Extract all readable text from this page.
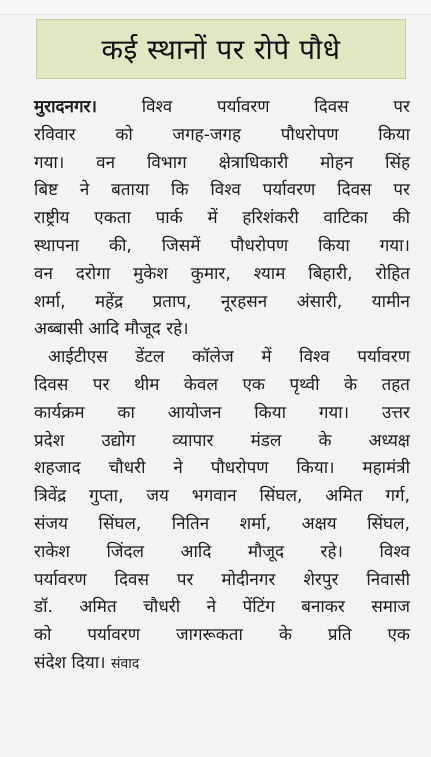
कई स्थानों पर रोपे पौधे
मुरादनगर।	विश्व पर्यावरण दिवस पर
रविवार को जगह-जगह पौधरोपण किया
गया। वन विभाग क्षेत्राधिकारी मोहन सिंह
बिष्ट ने बताया कि विश्व पर्यावरण दिवस पर
राष्ट्रीय एकता पार्क में हरिशंकरी वाटिका की
स्थापना की, जिसमें पौधरोपण किया गया।
वन दरोगा मुकेश कुमार, श्याम बिहारी, रोहित
शर्मा, महेंद्र प्रताप, नूरहसन अंसारी, यामीन
अब्बासी आदि मौजूद रहे।
आईटीएस डेंटल कॉलेज में विश्व पर्यावरण
दिवस पर थीम केवल एक पृथ्वी के तहत
कार्यक्रम का आयोजन किया गया। उत्तर
प्रदेश उद्योग व्यापार मंडल के अध्यक्ष
शहजाद चौधरी ने पौधरोपण किया। महामंत्री
त्रिवेंद्र गुप्ता, जय भगवान सिंघल, अमित गर्ग,
संजय सिंघल, नितिन शर्मा, अक्षय सिंघल,
राकेश जिंदल आदि मौजूद रहे। विश्व
पर्यावरण दिवस पर मोदीनगर शेरपुर निवासी
डॉ. अमित चौधरी ने पेंटिंग बनाकर समाज
को पर्यावरण जागरूकता के प्रति एक
संदेश दिया। संवाद
